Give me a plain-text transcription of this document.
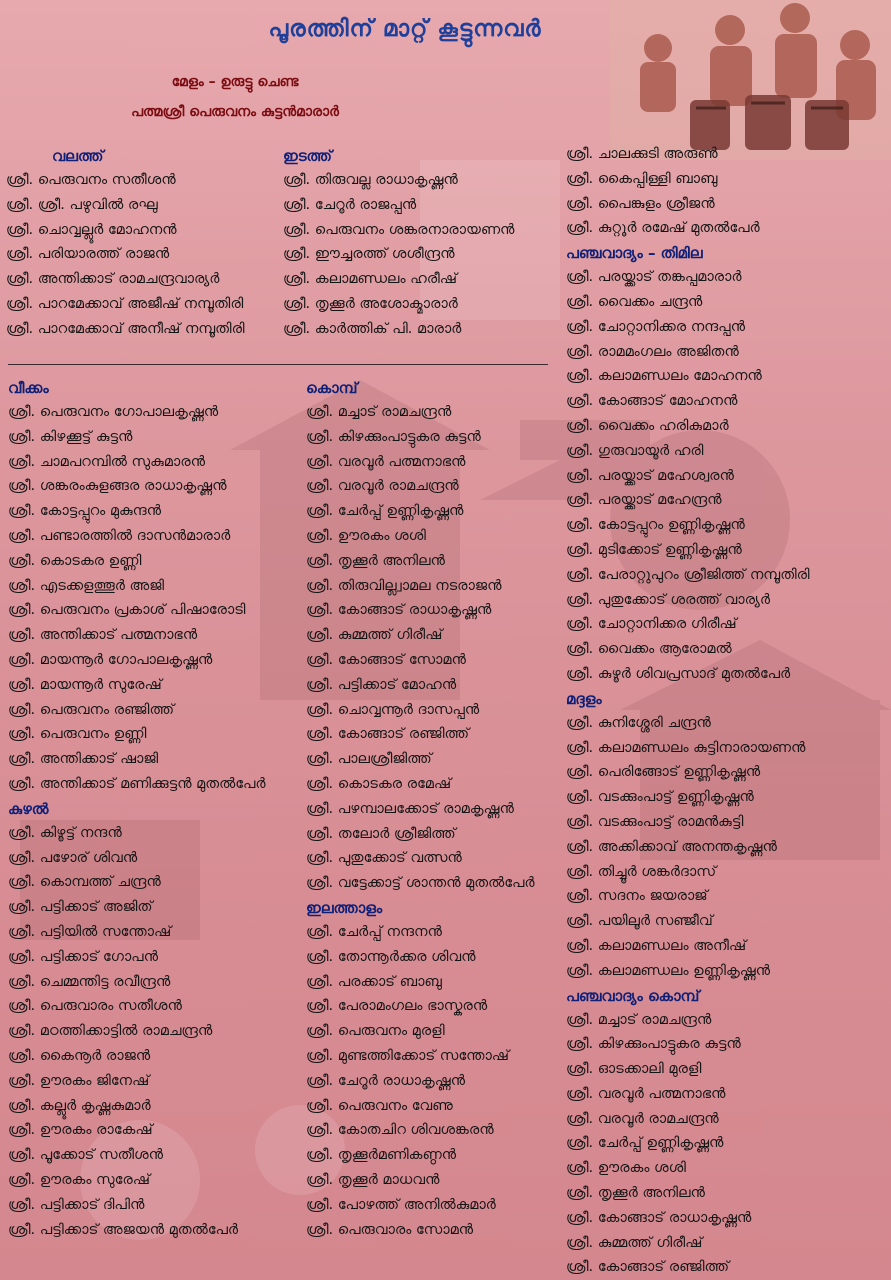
പൂരത്തിന് മാറ്റ് കൂട്ടുന്നവർ
മേളം – ഉരുട്ടു ചെണ്ട
പത്മശ്രീ പെരുവനം കുട്ടൻമാരാർ
വലത്ത്
ശ്രീ. പെരുവനം സതീശൻ
ശ്രീ. ശ്രീ. പഴുവിൽ രഘു
ശ്രീ. ചൊവ്വല്ലൂർ മോഹനൻ
ശ്രീ. പരിയാരത്ത് രാജൻ
ശ്രീ. അന്തിക്കാട് രാമചന്ദ്രവാര്യർ
ശ്രീ. പാറമേക്കാവ് അജീഷ് നമ്പൂതിരി
ശ്രീ. പാറമേക്കാവ് അനീഷ് നമ്പൂതിരി
ഇടത്ത്
ശ്രീ. തിരുവല്ല രാധാകൃഷ്ണൻ
ശ്രീ. ചേറൂർ രാജപ്പൻ
ശ്രീ. പെരുവനം ശങ്കരനാരായണൻ
ശ്രീ. ഈച്ചരത്ത് ശശീന്ദ്രൻ
ശ്രീ. കലാമണ്ഡലം ഹരീഷ്
ശ്രീ. തൃക്കൂർ അശോക്മാരാർ
ശ്രീ. കാർത്തിക് പി. മാരാർ
വീക്കം
ശ്രീ. പെരുവനം ഗോപാലകൃഷ്ണൻ
ശ്രീ. കിഴക്കൂട്ട് കുട്ടൻ
ശ്രീ. ചാമപറമ്പിൽ സുകുമാരൻ
ശ്രീ. ശങ്കരംകുളങ്ങര രാധാകൃഷ്ണൻ
ശ്രീ. കോട്ടപ്പുറം മുകുന്ദൻ
ശ്രീ. പണ്ടാരത്തിൽ ദാസൻമാരാർ
ശ്രീ. കൊടകര ഉണ്ണി
ശ്രീ. എടക്കളത്തൂർ അജി
ശ്രീ. പെരുവനം പ്രകാശ് പിഷാരോടി
ശ്രീ. അന്തിക്കാട് പത്മനാഭൻ
ശ്രീ. മായന്നൂർ ഗോപാലകൃഷ്ണൻ
ശ്രീ. മായന്നൂർ സുരേഷ്
ശ്രീ. പെരുവനം രഞ്ജിത്ത്
ശ്രീ. പെരുവനം ഉണ്ണി
ശ്രീ. അന്തിക്കാട് ഷാജി
ശ്രീ. അന്തിക്കാട് മണിക്കുട്ടൻ മുതൽപേർ
കുഴൽ
ശ്രീ. കിഴൂട്ട് നന്ദൻ
ശ്രീ. പഴോര് ശിവൻ
ശ്രീ. കൊമ്പത്ത് ചന്ദ്രൻ
ശ്രീ. പട്ടിക്കാട് അജിത്
ശ്രീ. പട്ടിയിൽ സന്തോഷ്
ശ്രീ. പട്ടിക്കാട് ഗോപൻ
ശ്രീ. ചെമ്മന്തിട്ട രവീന്ദ്രൻ
ശ്രീ. പെരുവാരം സതീശൻ
ശ്രീ. മഠത്തിക്കാട്ടിൽ രാമചന്ദ്രൻ
ശ്രീ. കൈനൂർ രാജൻ
ശ്രീ. ഊരകം ജിനേഷ്
ശ്രീ. കല്ലൂർ കൃഷ്ണകുമാർ
ശ്രീ. ഊരകം രാകേഷ്
ശ്രീ. പൂക്കോട് സതീശൻ
ശ്രീ. ഊരകം സുരേഷ്
ശ്രീ. പട്ടിക്കാട് ദിപിൻ
ശ്രീ. പട്ടിക്കാട് അജയൻ മുതൽപേർ
കൊമ്പ്
ശ്രീ. മച്ചാട് രാമചന്ദ്രൻ
ശ്രീ. കിഴക്കുംപാട്ടുകര കുട്ടൻ
ശ്രീ. വരവൂർ പത്മനാഭൻ
ശ്രീ. വരവൂർ രാമചന്ദ്രൻ
ശ്രീ. ചേർപ്പ് ഉണ്ണികൃഷ്ണൻ
ശ്രീ. ഊരകം ശശി
ശ്രീ. തൃക്കൂർ അനിലൻ
ശ്രീ. തിരുവില്ല്വാമല നടരാജൻ
ശ്രീ. കോങ്ങാട് രാധാകൃഷ്ണൻ
ശ്രീ. കുമ്മത്ത് ഗിരീഷ്
ശ്രീ. കോങ്ങാട് സോമൻ
ശ്രീ. പട്ടിക്കാട് മോഹൻ
ശ്രീ. ചൊവ്വന്നൂർ ദാസപ്പൻ
ശ്രീ. കോങ്ങാട് രഞ്ജിത്ത്
ശ്രീ. പാലശ്രീജിത്ത്
ശ്രീ. കൊടകര രമേഷ്
ശ്രീ. പഴമ്പാലക്കോട് രാമകൃഷ്ണൻ
ശ്രീ. തലോർ ശ്രീജിത്ത്
ശ്രീ. പുതുക്കോട് വത്സൻ
ശ്രീ. വട്ടേക്കാട്ട് ശാന്തൻ മുതൽപേർ
ഇലത്താളം
ശ്രീ. ചേർപ്പ് നന്ദനൻ
ശ്രീ. തോന്നൂർക്കര ശിവൻ
ശ്രീ. പരക്കാട് ബാബു
ശ്രീ. പേരാമംഗലം ഭാസ്കരൻ
ശ്രീ. പെരുവനം മുരളി
ശ്രീ. മുണ്ടത്തിക്കോട് സന്തോഷ്
ശ്രീ. ചേറൂർ രാധാകൃഷ്ണൻ
ശ്രീ. പെരുവനം വേണു
ശ്രീ. കോതചിറ ശിവശങ്കരൻ
ശ്രീ. തൃക്കൂർമണികണ്ഠൻ
ശ്രീ. തൃക്കൂർ മാധവൻ
ശ്രീ. പോഴത്ത് അനിൽകുമാർ
ശ്രീ. പെരുവാരം സോമൻ
ശ്രീ. ചാലക്കുടി അരുൺ
ശ്രീ. കൈപ്പിള്ളി ബാബു
ശ്രീ. പൈങ്കുളം ശ്രീജൻ
ശ്രീ. കുറ്റൂർ രമേഷ് മുതൽപേർ
പഞ്ചവാദ്യം – തിമില
ശ്രീ. പരയ്ക്കാട് തങ്കപ്പമാരാർ
ശ്രീ. വൈക്കം ചന്ദ്രൻ
ശ്രീ. ചോറ്റാനിക്കര നന്ദപ്പൻ
ശ്രീ. രാമമംഗലം അജിതൻ
ശ്രീ. കലാമണ്ഡലം മോഹനൻ
ശ്രീ. കോങ്ങാട് മോഹനൻ
ശ്രീ. വൈക്കം ഹരികുമാർ
ശ്രീ. ഗുരുവായൂർ ഹരി
ശ്രീ. പരയ്ക്കാട് മഹേശ്വരൻ
ശ്രീ. പരയ്ക്കാട് മഹേന്ദ്രൻ
ശ്രീ. കോട്ടപ്പുറം ഉണ്ണികൃഷ്ണൻ
ശ്രീ. മുടിക്കോട് ഉണ്ണികൃഷ്ണൻ
ശ്രീ. പേരാറ്റുപുറം ശ്രീജിത്ത് നമ്പൂതിരി
ശ്രീ. പുതുക്കോട് ശരത്ത് വാര്യർ
ശ്രീ. ചോറ്റാനിക്കര ഗിരീഷ്
ശ്രീ. വൈക്കം ആരോമൽ
ശ്രീ. കുഴൂർ ശിവപ്രസാദ് മുതൽപേർ
മദ്ദളം
ശ്രീ. കുനിശ്ശേരി ചന്ദ്രൻ
ശ്രീ. കലാമണ്ഡലം കുട്ടിനാരായണൻ
ശ്രീ. പെരിങ്ങോട് ഉണ്ണികൃഷ്ണൻ
ശ്രീ. വടക്കുംപാട്ട് ഉണ്ണികൃഷ്ണൻ
ശ്രീ. വടക്കുംപാട്ട് രാമൻകുട്ടി
ശ്രീ. അക്കിക്കാവ് അനന്തകൃഷ്ണൻ
ശ്രീ. തിച്ചൂർ ശങ്കർദാസ്
ശ്രീ. സദനം ജയരാജ്
ശ്രീ. പയിലൂർ സഞ്ജീവ്
ശ്രീ. കലാമണ്ഡലം അനീഷ്
ശ്രീ. കലാമണ്ഡലം ഉണ്ണികൃഷ്ണൻ
പഞ്ചവാദ്യം കൊമ്പ്
ശ്രീ. മച്ചാട് രാമചന്ദ്രൻ
ശ്രീ. കിഴക്കുംപാട്ടുകര കുട്ടൻ
ശ്രീ. ഓടക്കാലി മുരളി
ശ്രീ. വരവൂർ പത്മനാഭൻ
ശ്രീ. വരവൂർ രാമചന്ദ്രൻ
ശ്രീ. ചേർപ്പ് ഉണ്ണികൃഷ്ണൻ
ശ്രീ. ഊരകം ശശി
ശ്രീ. തൃക്കൂർ അനിലൻ
ശ്രീ. കോങ്ങാട് രാധാകൃഷ്ണൻ
ശ്രീ. കുമ്മത്ത് ഗിരീഷ്
ശ്രീ. കോങ്ങാട് രഞ്ജിത്ത്
